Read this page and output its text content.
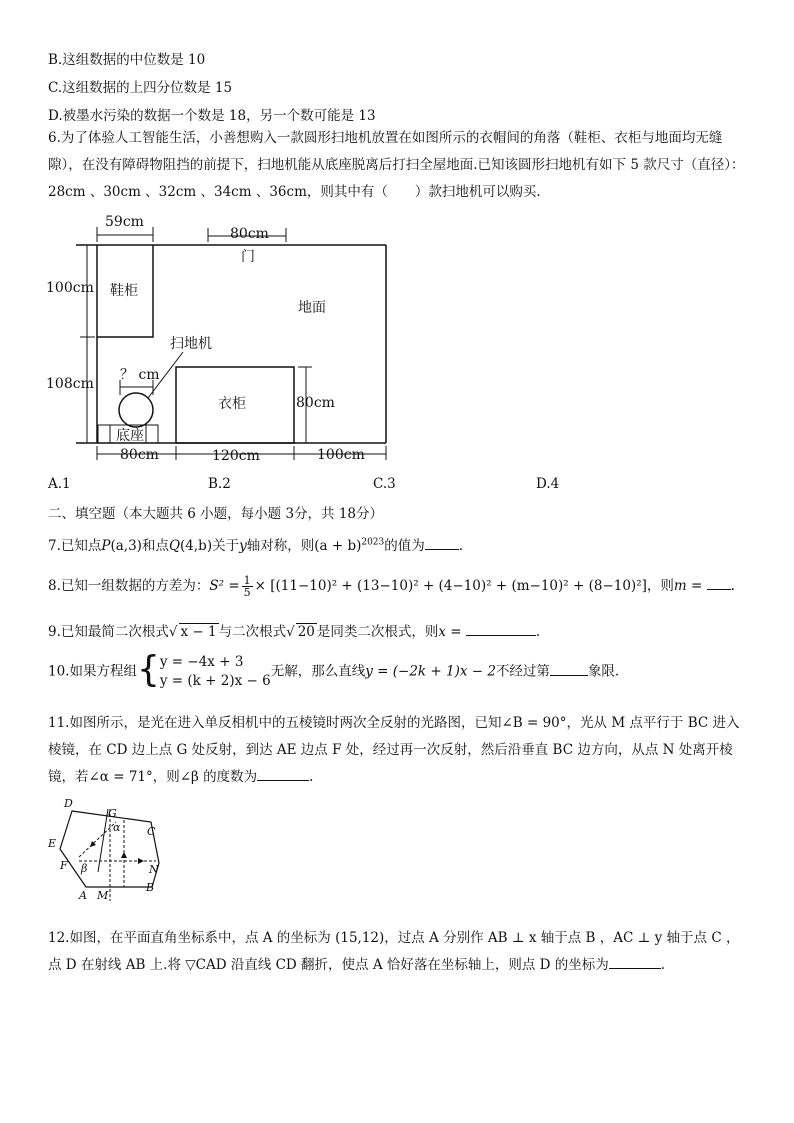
B.这组数据的中位数是 10
C.这组数据的上四分位数是 15
D.被墨水污染的数据一个数是 18，另一个数可能是 13
6.为了体验人工智能生活，小善想购入一款圆形扫地机放置在如图所示的衣帽间的角落（鞋柜、衣柜与地面均无缝隙），在没有障碍物阻挡的前提下，扫地机能从底座脱离后打扫全屋地面.已知该圆形扫地机有如下 5 款尺寸（直径）：28cm 、30cm 、32cm 、34cm 、36cm，则其中有（　　）款扫地机可以购买.
59cm
80cm
门
100cm 鞋柜
地面
扫地机
108cm
？ cm
衣柜	80cm
底座
80cm	120cm	100cm
A.1	B.2	C.3	D.4
二、填空题（本大题共 6 小题，每小题 3分，共 18分）
7.已知点P(a,3)和点Q(4,b)关于y轴对称，则$(a + b)^{2023}$的值为	.
8.已知一组数据的方差为：$S^2 = \frac{1}{5} \times [(11-10)^2 + (13-10)^2 + (4-10)^2 + (m-10)^2 + (8-10)^2]$，则m = .
9.已知最简二次根式√ x − 1 与二次根式√ 20 是同类二次根式，则x =	.
10.如果方程组{y = −4x + 3
y = (k + 2)x − 6无解，那么直线y = (−2k + 1)x − 2不经过第	象限.
11.如图所示，是光在进入单反相机中的五棱镜时两次全反射的光路图，已知∠B = 90°，光从 M 点平行于 BC 进入棱镜，在 CD 边上点 G 处反射，到达 AE 边点 F 处，经过再一次反射，然后沿垂直 BC 边方向，从点 N 处离开棱镜，若∠α = 71°，则∠β 的度数为	.
D
G
α C
E
F β	N
A M
B
12.如图，在平面直角坐标系中，点 A 的坐标为 (15,12)，过点 A 分别作 AB ⊥ x 轴于点 B ，AC ⊥ y 轴于点 C ，点 D 在射线 AB 上.将 ▽CAD 沿直线 CD 翻折，使点 A 恰好落在坐标轴上，则点 D 的坐标为	.
